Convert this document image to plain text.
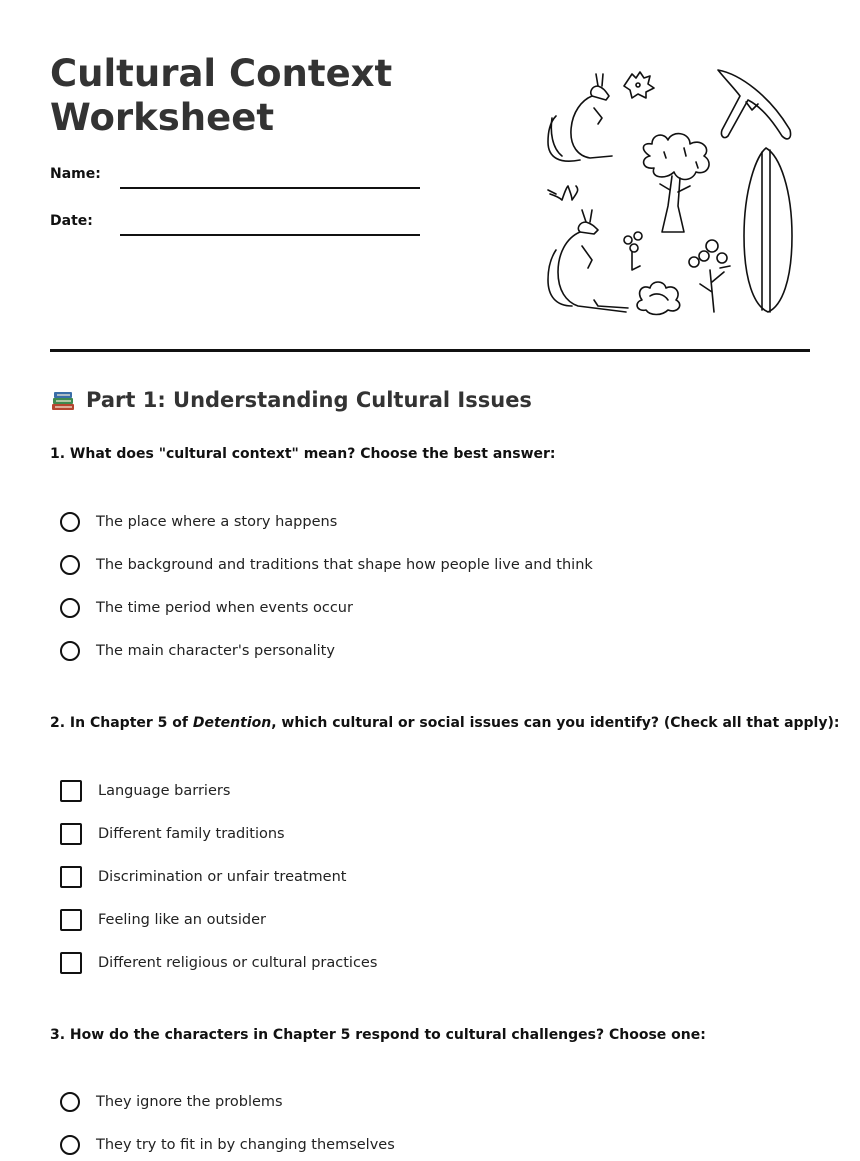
Cultural Context
Worksheet
Name:
Date:
Part 1: Understanding Cultural Issues
1. What does "cultural context" mean? Choose the best answer:
The place where a story happens
The background and traditions that shape how people live and think
The time period when events occur
The main character's personality
2. In Chapter 5 of Detention, which cultural or social issues can you identify? (Check all that apply):
Language barriers
Different family traditions
Discrimination or unfair treatment
Feeling like an outsider
Different religious or cultural practices
3. How do the characters in Chapter 5 respond to cultural challenges? Choose one:
They ignore the problems
They try to fit in by changing themselves
